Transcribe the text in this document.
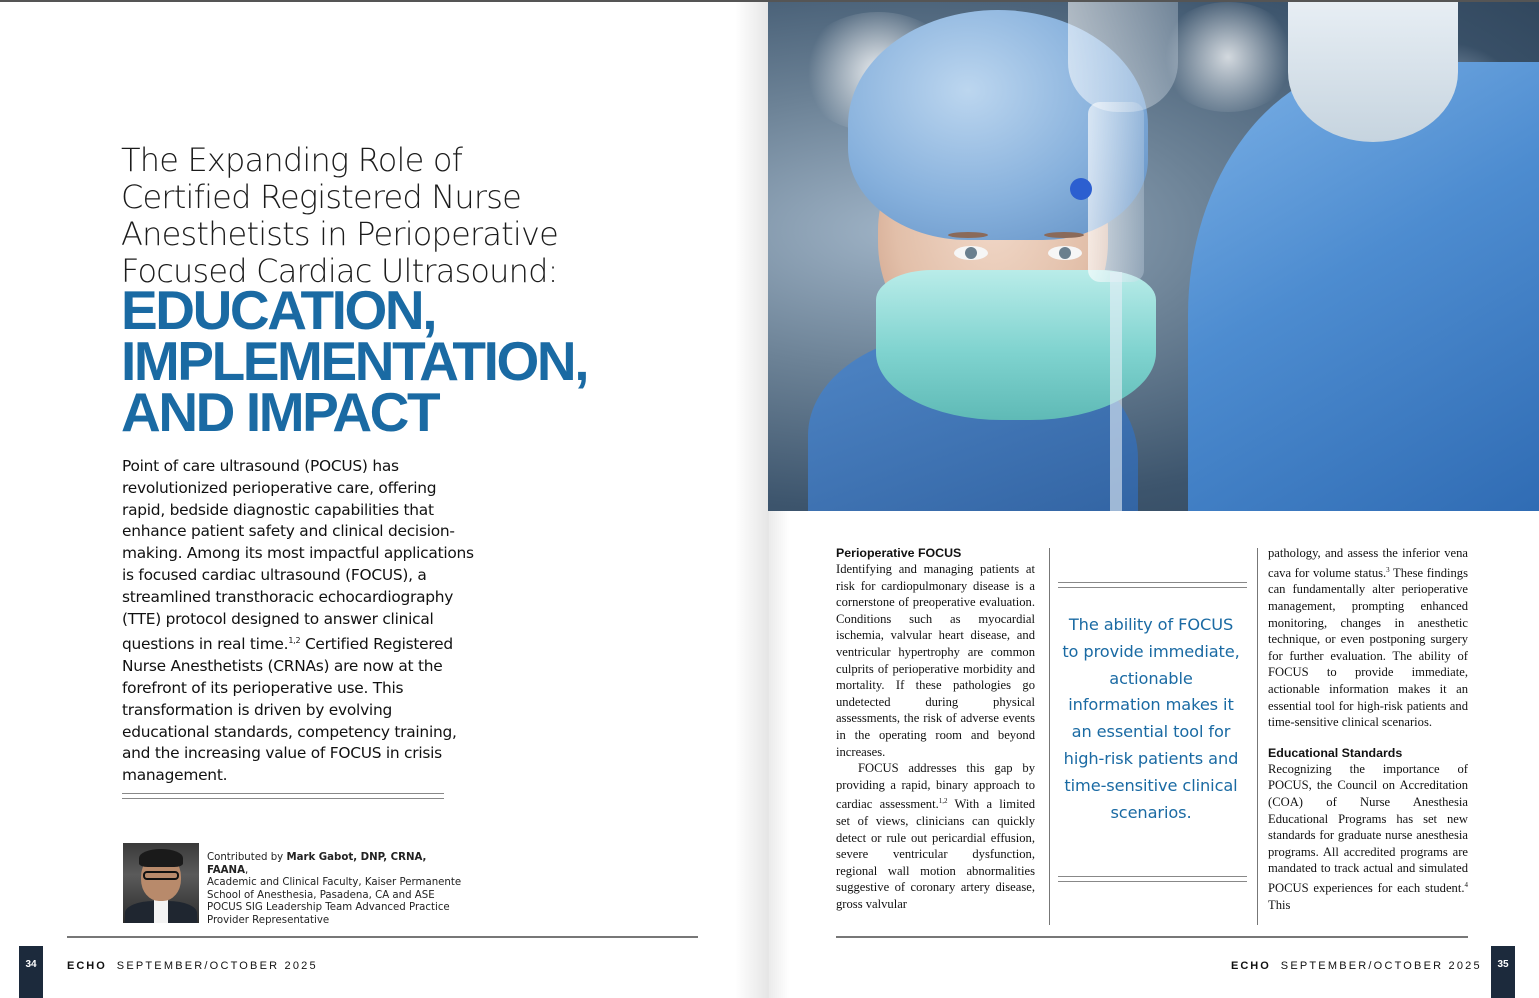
The Expanding Role of
Certified Registered Nurse
Anesthetists in Perioperative
Focused Cardiac Ultrasound:
EDUCATION,
IMPLEMENTATION,
AND IMPACT

Point of care ultrasound (POCUS) has revolutionized perioperative care, offering rapid, bedside diagnostic capabilities that enhance patient safety and clinical decision-making. Among its most impactful applications is focused cardiac ultrasound (FOCUS), a streamlined transthoracic echocardiography (TTE) protocol designed to answer clinical questions in real time.$^{1,2}$ Certified Registered Nurse Anesthetists (CRNAs) are now at the forefront of its perioperative use. This transformation is driven by evolving educational standards, competency training, and the increasing value of FOCUS in crisis management.

Contributed by Mark Gabot, DNP, CRNA, FAANA,
Academic and Clinical Faculty, Kaiser Permanente School of Anesthesia, Pasadena, CA and ASE POCUS SIG Leadership Team Advanced Practice Provider Representative
34	ECHO SEPTEMBER/OCTOBER 2025
Perioperative FOCUS

Identifying and managing patients at risk for cardiopulmonary disease is a cornerstone of preoperative evaluation. Conditions such as myocardial ischemia, valvular heart disease, and ventricular hypertrophy are common culprits of perioperative morbidity and mortality. If these pathologies go undetected during physical assessments, the risk of adverse events in the operating room and beyond increases.

FOCUS addresses this gap by providing a rapid, binary approach to cardiac assessment.$^{1,2}$ With a limited set of views, clinicians can quickly detect or rule out pericardial effusion, severe ventricular dysfunction, regional wall motion abnormalities suggestive of coronary artery disease, gross valvular

The ability of FOCUS to provide immediate, actionable information makes it an essential tool for high-risk patients and time-sensitive clinical scenarios.

pathology, and assess the inferior vena cava for volume status.$^3$ These findings can fundamentally alter perioperative management, prompting enhanced monitoring, changes in anesthetic technique, or even postponing surgery for further evaluation. The ability of FOCUS to provide immediate, actionable information makes it an essential tool for high-risk patients and time-sensitive clinical scenarios.

Educational Standards

Recognizing the importance of POCUS, the Council on Accreditation (COA) of Nurse Anesthesia Educational Programs has set new standards for graduate nurse anesthesia programs. All accredited programs are mandated to track actual and simulated POCUS experiences for each student.$^4$ This

ECHO SEPTEMBER/OCTOBER 2025	35
